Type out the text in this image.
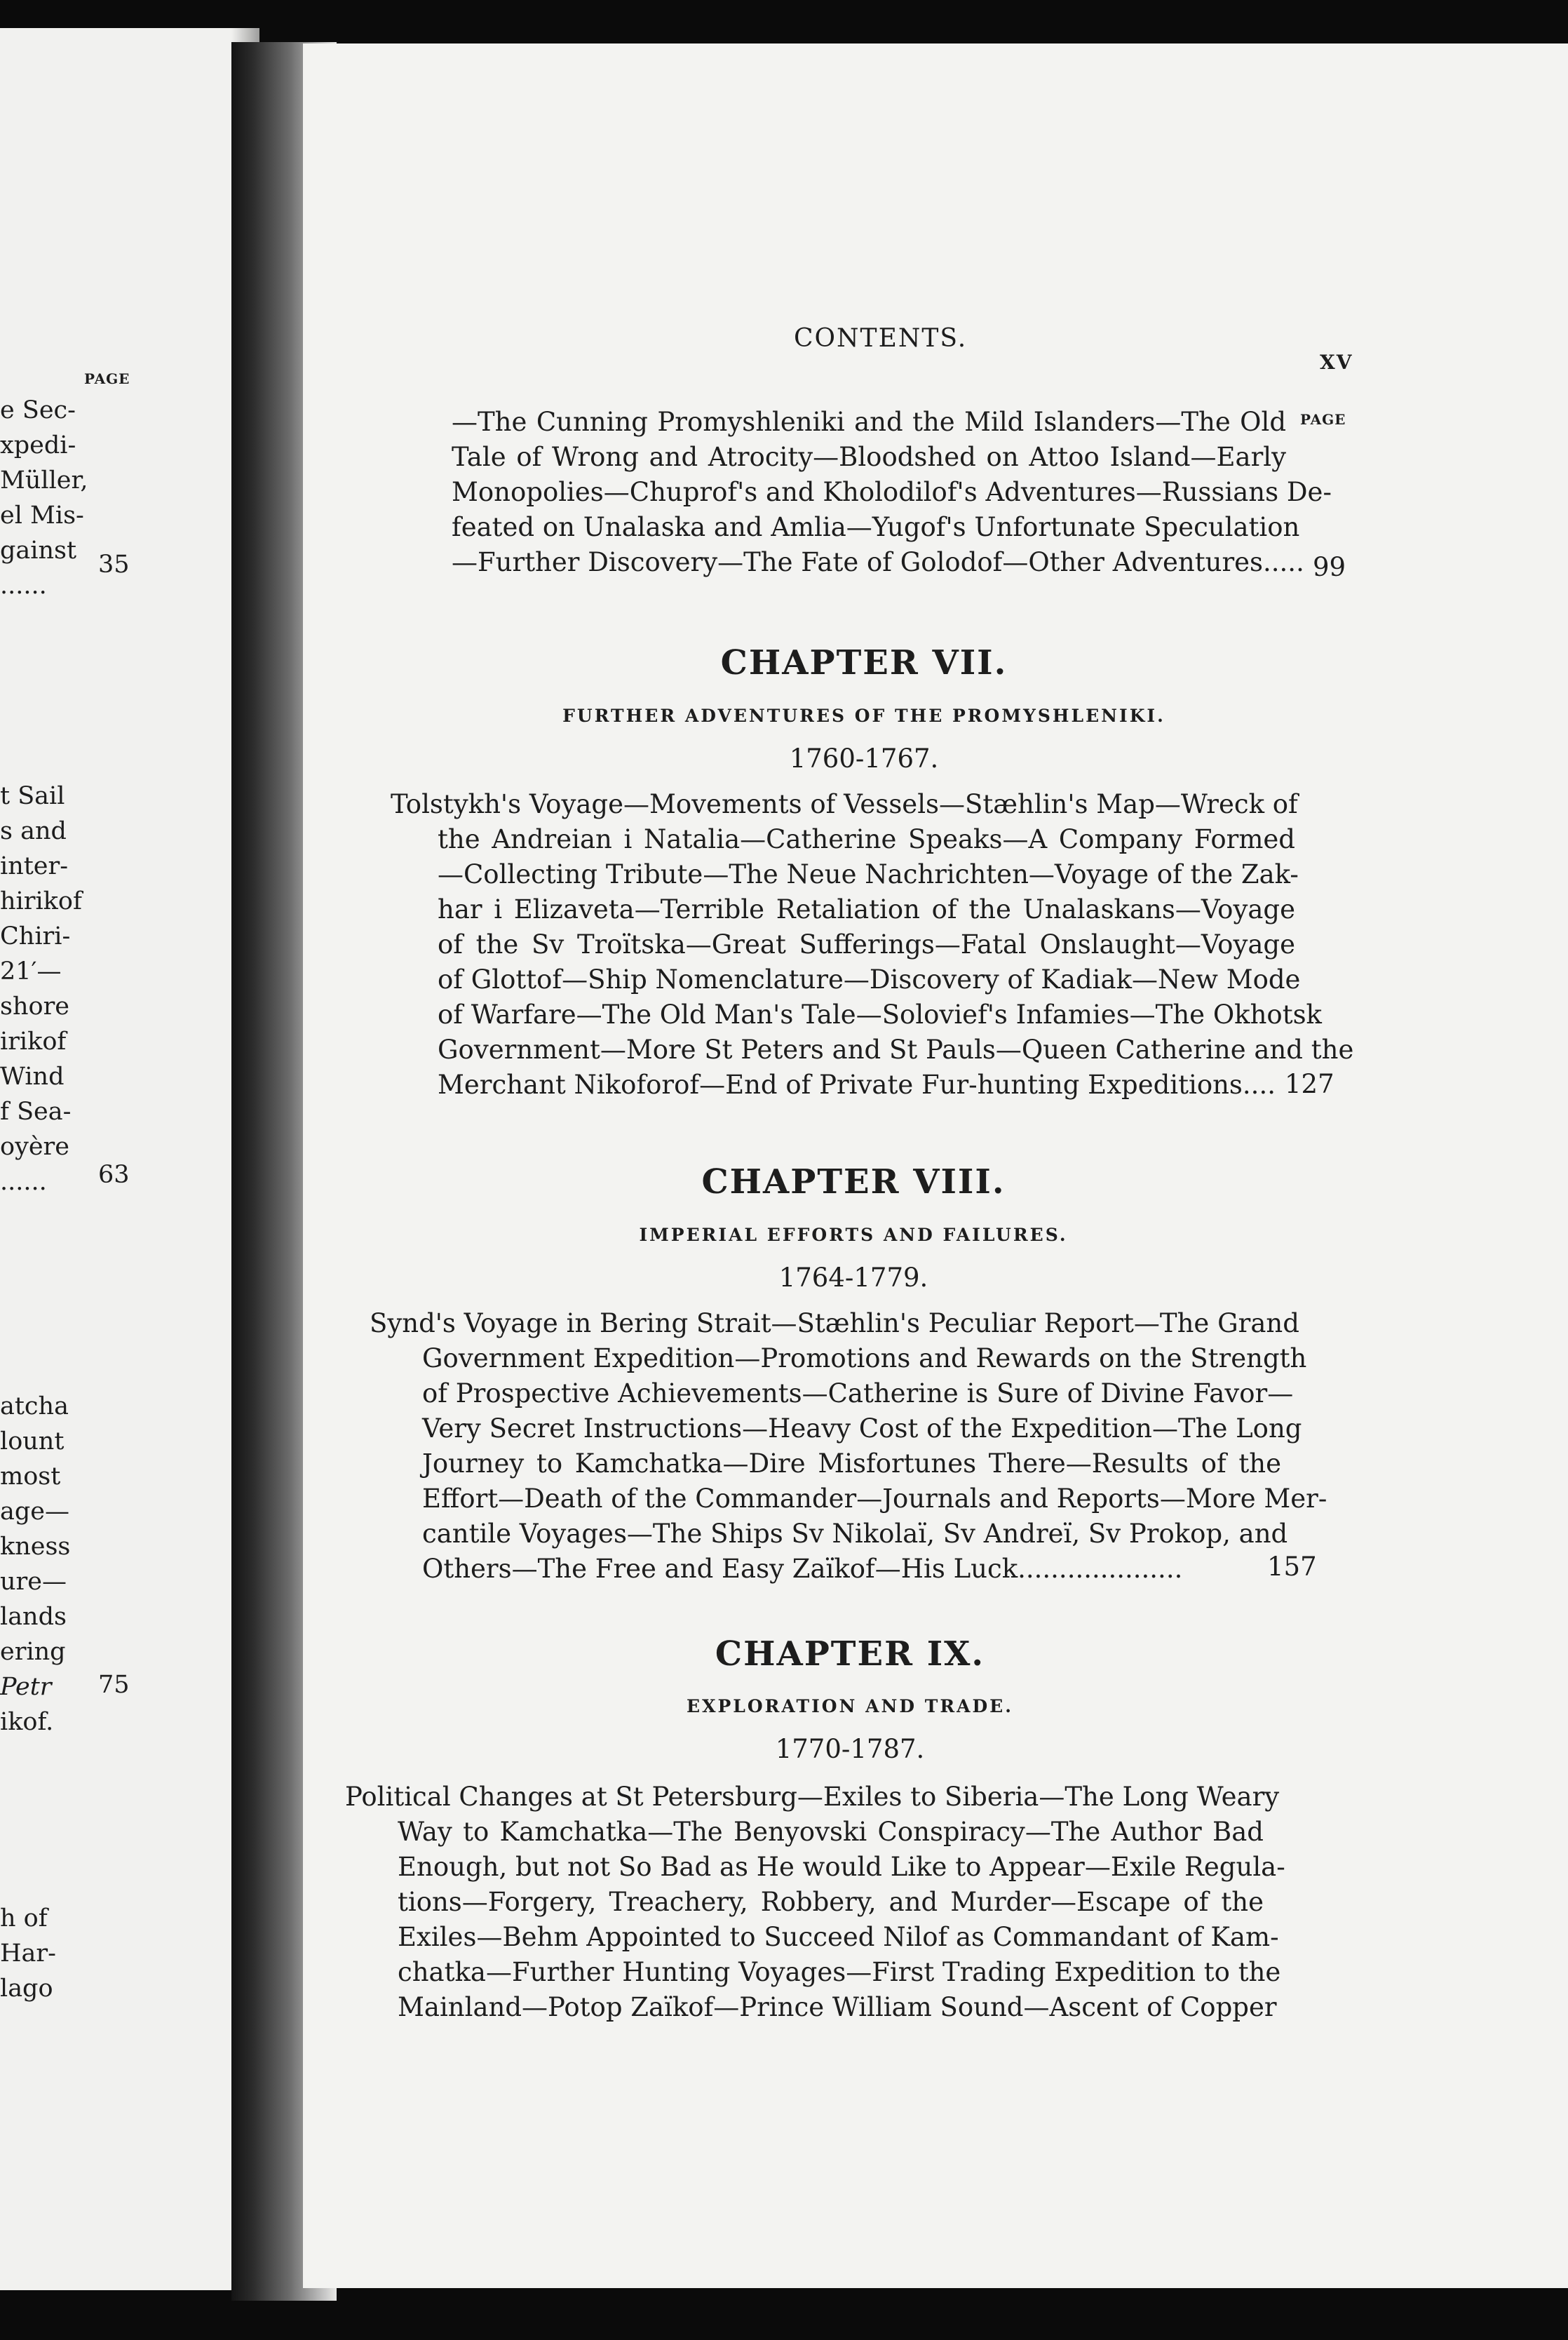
PAGE
e Sec-
xpedi-
Müller,
el Mis-
gainst
......
t Sail
s and
inter-
hirikof
Chiri-
21′—
shore
irikof
Wind
f Sea-
oyère
......
atcha
lount
most
age—
kness
ure—
lands
ering
Petr
ikof.
h of
Har-
lago
35
63
75
CONTENTS.
XV
PAGE
—The Cunning Promyshleniki and the Mild Islanders—The Old
Tale of Wrong and Atrocity—Bloodshed on Attoo Island—Early
Monopolies—Chuprof's and Kholodilof's Adventures—Russians De-
feated on Unalaska and Amlia—Yugof's Unfortunate Speculation
—Further Discovery—The Fate of Golodof—Other Adventures..... 99
CHAPTER VII.
FURTHER ADVENTURES OF THE PROMYSHLENIKI.
1760-1767.
Tolstykh's Voyage—Movements of Vessels—Stæhlin's Map—Wreck of
the Andreian i Natalia—Catherine Speaks—A Company Formed
—Collecting Tribute—The Neue Nachrichten—Voyage of the Zak-
har i Elizaveta—Terrible Retaliation of the Unalaskans—Voyage
of the Sv Troïtska—Great Sufferings—Fatal Onslaught—Voyage
of Glottof—Ship Nomenclature—Discovery of Kadiak—New Mode
of Warfare—The Old Man's Tale—Solovief's Infamies—The Okhotsk
Government—More St Peters and St Pauls—Queen Catherine and the
Merchant Nikoforof—End of Private Fur-hunting Expeditions.... 127
CHAPTER VIII.
IMPERIAL EFFORTS AND FAILURES.
1764-1779.
Synd's Voyage in Bering Strait—Stæhlin's Peculiar Report—The Grand
Government Expedition—Promotions and Rewards on the Strength
of Prospective Achievements—Catherine is Sure of Divine Favor—
Very Secret Instructions—Heavy Cost of the Expedition—The Long
Journey to Kamchatka—Dire Misfortunes There—Results of the
Effort—Death of the Commander—Journals and Reports—More Mer-
cantile Voyages—The Ships Sv Nikolaï, Sv Andreï, Sv Prokop, and
Others—The Free and Easy Zaïkof—His Luck....................	157
CHAPTER IX.
EXPLORATION AND TRADE.
1770-1787.
Political Changes at St Petersburg—Exiles to Siberia—The Long Weary
Way to Kamchatka—The Benyovski Conspiracy—The Author Bad
Enough, but not So Bad as He would Like to Appear—Exile Regula-
tions—Forgery, Treachery, Robbery, and Murder—Escape of the
Exiles—Behm Appointed to Succeed Nilof as Commandant of Kam-
chatka—Further Hunting Voyages—First Trading Expedition to the
Mainland—Potop Zaïkof—Prince William Sound—Ascent of Copper
